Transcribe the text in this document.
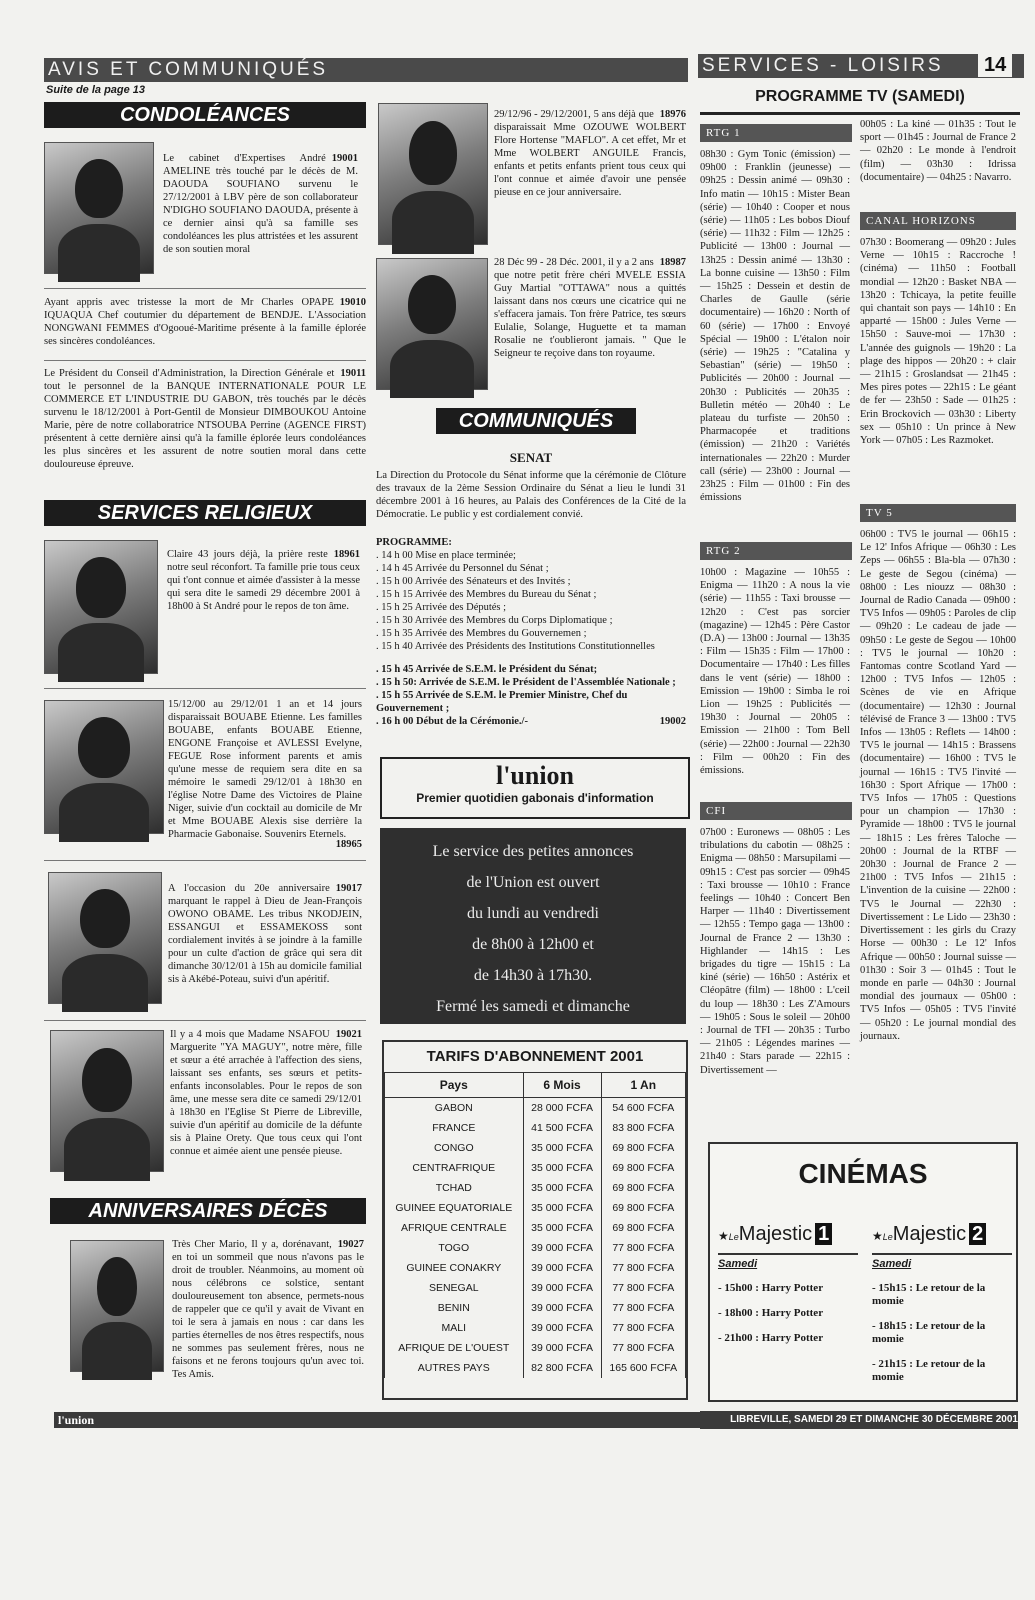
AVIS ET COMMUNIQUÉS
Suite de la page 13
SERVICES - LOISIRS	14
CONDOLÉANCES
19001
Le cabinet d'Expertises André AMELINE très touché par le décès de M. DAOUDA SOUFIANO survenu le 27/12/2001 à LBV père de son collaborateur N'DIGHO SOUFIANO DAOUDA, présente à ce dernier ainsi qu'à sa famille ses condoléances les plus attristées et les assurent de son soutien moral
19010
Ayant appris avec tristesse la mort de Mr Charles OPAPE IQUAQUA Chef coutumier du département de BENDJE. L'Association NONGWANI FEMMES d'Ogooué-Maritime présente à la famille éplorée ses sincères condoléances.
19011
Le Président du Conseil d'Administration, la Direction Générale et tout le personnel de la BANQUE INTERNATIONALE POUR LE COMMERCE ET L'INDUSTRIE DU GABON, très touchés par le décès survenu le 18/12/2001 à Port-Gentil de Monsieur DIMBOUKOU Antoine Marie, père de notre collaboratrice NTSOUBA Perrine (AGENCE FIRST) présentent à cette dernière ainsi qu'à la famille éplorée leurs condoléances les plus sincères et les assurent de notre soutien moral dans cette douloureuse épreuve.
SERVICES RELIGIEUX
18961
Claire 43 jours déjà, la prière reste notre seul réconfort. Ta famille prie tous ceux qui t'ont connue et aimée d'assister à la messe qui sera dite le samedi 29 décembre 2001 à 18h00 à St André pour le repos de ton âme.
15/12/00 au 29/12/01 1 an et 14 jours disparaissait BOUABE Etienne. Les familles BOUABE, enfants BOUABE Etienne, ENGONE Françoise et AVLESSI Evelyne, FEGUE Rose informent parents et amis qu'une messe de requiem sera dite en sa mémoire le samedi 29/12/01 à 18h30 en l'église Notre Dame des Victoires de Plaine Niger, suivie d'un cocktail au domicile de Mr et Mme BOUABE Alexis sise derrière la Pharmacie Gabonaise. Souvenirs Eternels.
18965
19017
A l'occasion du 20e anniversaire marquant le rappel à Dieu de Jean-François OWONO OBAME. Les tribus NKODJEIN, ESSANGUI et ESSAMEKOSS sont cordialement invités à se joindre à la famille pour un culte d'action de grâce qui sera dit dimanche 30/12/01 à 15h au domicile familial sis à Akébé-Poteau, suivi d'un apéritif.
19021
Il y a 4 mois que Madame NSAFOU Marguerite "YA MAGUY", notre mère, fille et sœur a été arrachée à l'affection des siens, laissant ses enfants, ses sœurs et petits-enfants inconsolables. Pour le repos de son âme, une messe sera dite ce samedi 29/12/01 à 18h30 en l'Eglise St Pierre de Libreville, suivie d'un apéritif au domicile de la défunte sis à Plaine Orety. Que tous ceux qui l'ont connue et aimée aient une pensée pieuse.
ANNIVERSAIRES DÉCÈS
19027
Très Cher Mario, Il y a, dorénavant, en toi un sommeil que nous n'avons pas le droit de troubler. Néanmoins, au moment où nous célébrons ce solstice, sentant douloureusement ton absence, permets-nous de rappeler que ce qu'il y avait de Vivant en toi le sera à jamais en nous : car dans les parties éternelles de nos êtres respectifs, nous ne sommes pas seulement frères, nous ne faisons et ne ferons toujours qu'un avec toi. Tes Amis.
18976
29/12/96 - 29/12/2001, 5 ans déjà que disparaissait Mme OZOUWE WOLBERT Flore Hortense "MAFLO". A cet effet, Mr et Mme WOLBERT ANGUILE Francis, enfants et petits enfants prient tous ceux qui l'ont connue et aimée d'avoir une pensée pieuse en ce jour anniversaire.
18987
28 Déc 99 - 28 Déc. 2001, il y a 2 ans que notre petit frère chéri MVELE ESSIA Guy Martial "OTTAWA" nous a quittés laissant dans nos cœurs une cicatrice qui ne s'effacera jamais. Ton frère Patrice, tes sœurs Eulalie, Solange, Huguette et ta maman Rosalie ne t'oublieront jamais. " Que le Seigneur te reçoive dans ton royaume.
COMMUNIQUÉS
SENAT
La Direction du Protocole du Sénat informe que la cérémonie de Clôture des travaux de la 2ème Session Ordinaire du Sénat a lieu le lundi 31 décembre 2001 à 16 heures, au Palais des Conférences de la Cité de la Démocratie. Le public y est cordialement convié.
PROGRAMME:
. 14 h 00 Mise en place terminée;
. 14 h 45 Arrivée du Personnel du Sénat ;
. 15 h 00 Arrivée des Sénateurs et des Invités ;
. 15 h 15 Arrivée des Membres du Bureau du Sénat ;
. 15 h 25 Arrivée des Députés ;
. 15 h 30 Arrivée des Membres du Corps Diplomatique ;
. 15 h 35 Arrivée des Membres du Gouvernemen ;
. 15 h 40 Arrivée des Présidents des Institutions Constitutionnelles
. 15 h 45 Arrivée de S.E.M. le Président du Sénat;
. 15 h 50: Arrivée de S.E.M. le Président de l'Assemblée Nationale ;
. 15 h 55 Arrivée de S.E.M. le Premier Ministre, Chef du Gouvernement ;
. 16 h 00 Début de la Cérémonie./-	19002
l'union
Premier quotidien gabonais d'information
Le service des petites annonces
de l'Union est ouvert
du lundi au vendredi
de 8h00 à 12h00 et
de 14h30 à 17h30.
Fermé les samedi et dimanche
TARIFS D'ABONNEMENT 2001
Pays	6 Mois	1 An
GABON	28 000 FCFA	54 600 FCFA
FRANCE	41 500 FCFA	83 800 FCFA
CONGO	35 000 FCFA	69 800 FCFA
CENTRAFRIQUE	35 000 FCFA	69 800 FCFA
TCHAD	35 000 FCFA	69 800 FCFA
GUINEE EQUATORIALE	35 000 FCFA	69 800 FCFA
AFRIQUE CENTRALE	35 000 FCFA	69 800 FCFA
TOGO	39 000 FCFA	77 800 FCFA
GUINEE CONAKRY	39 000 FCFA	77 800 FCFA
SENEGAL	39 000 FCFA	77 800 FCFA
BENIN	39 000 FCFA	77 800 FCFA
MALI	39 000 FCFA	77 800 FCFA
AFRIQUE DE L'OUEST	39 000 FCFA	77 800 FCFA
AUTRES PAYS	82 800 FCFA	165 600 FCFA
PROGRAMME TV (SAMEDI)
RTG 1
08h30 : Gym Tonic (émission) — 09h00 : Franklin (jeunesse) — 09h25 : Dessin animé — 09h30 : Info matin — 10h15 : Mister Bean (série) — 10h40 : Cooper et nous (série) — 11h05 : Les bobos Diouf (série) — 11h32 : Film — 12h25 : Publicité — 13h00 : Journal — 13h25 : Dessin animé — 13h30 : La bonne cuisine — 13h50 : Film — 15h25 : Dessein et destin de Charles de Gaulle (série documentaire) — 16h20 : North of 60 (série) — 17h00 : Envoyé Spécial — 19h00 : L'étalon noir (série) — 19h25 : "Catalina y Sebastian" (série) — 19h50 : Publicités — 20h00 : Journal — 20h30 : Publicités — 20h35 : Bulletin météo — 20h40 : Le plateau du turfiste — 20h50 : Pharmacopée et traditions (émission) — 21h20 : Variétés internationales — 22h20 : Murder call (série) — 23h00 : Journal — 23h25 : Film — 01h00 : Fin des émissions
RTG 2
10h00 : Magazine — 10h55 : Enigma — 11h20 : A nous la vie (série) — 11h55 : Taxi brousse — 12h20 : C'est pas sorcier (magazine) — 12h45 : Père Castor (D.A) — 13h00 : Journal — 13h35 : Film — 15h35 : Film — 17h00 : Documentaire — 17h40 : Les filles dans le vent (série) — 18h00 : Emission — 19h00 : Simba le roi Lion — 19h25 : Publicités — 19h30 : Journal — 20h05 : Emission — 21h00 : Tom Bell (série) — 22h00 : Journal — 22h30 : Film — 00h20 : Fin des émissions.
CFI
07h00 : Euronews — 08h05 : Les tribulations du cabotin — 08h25 : Enigma — 08h50 : Marsupilami — 09h15 : C'est pas sorcier — 09h45 : Taxi brousse — 10h10 : France feelings — 10h40 : Concert Ben Harper — 11h40 : Divertissement — 12h55 : Tempo gaga — 13h00 : Journal de France 2 — 13h30 : Highlander — 14h15 : Les brigades du tigre — 15h15 : La kiné (série) — 16h50 : Astérix et Cléopâtre (film) — 18h00 : L'ceil du loup — 18h30 : Les Z'Amours — 19h05 : Sous le soleil — 20h00 : Journal de TFI — 20h35 : Turbo — 21h05 : Légendes marines — 21h40 : Stars parade — 22h15 : Divertissement —
00h05 : La kiné — 01h35 : Tout le sport — 01h45 : Journal de France 2 — 02h20 : Le monde à l'endroit (film) — 03h30 : Idrissa (documentaire) — 04h25 : Navarro.
CANAL HORIZONS
07h30 : Boomerang — 09h20 : Jules Verne — 10h15 : Raccroche ! (cinéma) — 11h50 : Football mondial — 12h20 : Basket NBA — 13h20 : Tchicaya, la petite feuille qui chantait son pays — 14h10 : En apparté — 15h00 : Jules Verne — 15h50 : Sauve-moi — 17h30 : L'année des guignols — 19h20 : La plage des hippos — 20h20 : + clair — 21h15 : Groslandsat — 21h45 : Mes pires potes — 22h15 : Le géant de fer — 23h50 : Sade — 01h25 : Erin Brockovich — 03h30 : Liberty sex — 05h10 : Un prince à New York — 07h05 : Les Razmoket.
TV 5
06h00 : TV5 le journal — 06h15 : Le 12' Infos Afrique — 06h30 : Les Zeps — 06h55 : Bla-bla — 07h30 : Le geste de Segou (cinéma) — 08h00 : Les niouzz — 08h30 : Journal de Radio Canada — 09h00 : TV5 Infos — 09h05 : Paroles de clip — 09h20 : Le cadeau de jade — 09h50 : Le geste de Segou — 10h00 : TV5 le journal — 10h20 : Fantomas contre Scotland Yard — 12h00 : TV5 Infos — 12h05 : Scènes de vie en Afrique (documentaire) — 12h30 : Journal télévisé de France 3 — 13h00 : TV5 Infos — 13h05 : Reflets — 14h00 : TV5 le journal — 14h15 : Brassens (documentaire) — 16h00 : TV5 le journal — 16h15 : TV5 l'invité — 16h30 : Sport Afrique — 17h00 : TV5 Infos — 17h05 : Questions pour un champion — 17h30 : Pyramide — 18h00 : TV5 le journal — 18h15 : Les frères Taloche — 20h00 : Journal de la RTBF — 20h30 : Journal de France 2 — 21h00 : TV5 Infos — 21h15 : L'invention de la cuisine — 22h00 : TV5 le Journal — 22h30 : Divertissement : Le Lido — 23h30 : Divertissement : les girls du Crazy Horse — 00h30 : Le 12' Infos Afrique — 00h50 : Journal suisse — 01h30 : Soir 3 — 01h45 : Tout le monde en parle — 04h30 : Journal mondial des journaux — 05h00 : TV5 Infos — 05h05 : TV5 l'invité — 05h20 : Le journal mondial des journaux.
CINÉMAS
★LeMajestic 1
Samedi
- 15h00 : Harry Potter
- 18h00 : Harry Potter
- 21h00 : Harry Potter
★LeMajestic 2
Samedi
- 15h15 : Le retour de la momie
- 18h15 : Le retour de la momie
- 21h15 : Le retour de la momie
l'union	LIBREVILLE, SAMEDI 29 ET DIMANCHE 30 DÉCEMBRE 2001
